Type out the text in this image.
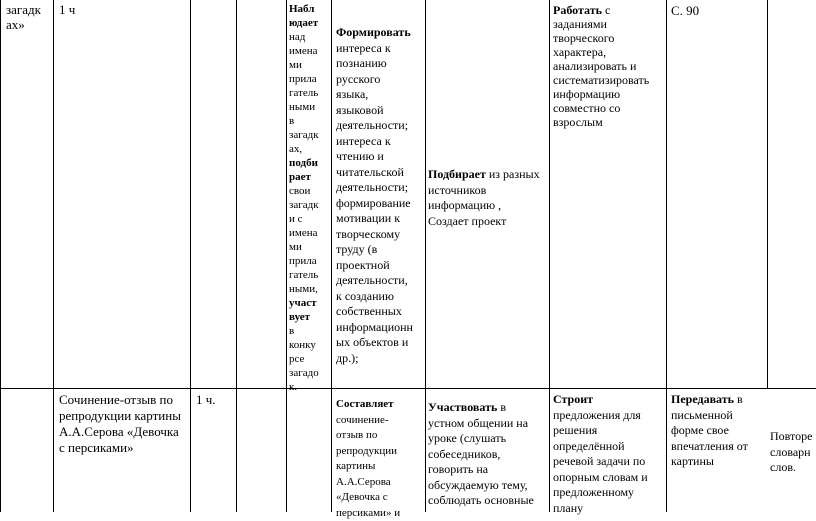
загадк
ах»
1 ч	Набл
юдает
над
имена
ми
прила
гатель
ными
в
загадк
ах,
подби
рает
свои
загадк
и с
имена
ми
прила
гатель
ными,
участ
вует
в
конку
рсе
загадо
к.
Формировать
интереса к
познанию
русского
языка,
языковой
деятельности;
интереса к
чтению и
читательской
деятельности;
формирование
мотивации к
творческому
труду (в
проектной
деятельности,
к созданию
собственных
информационн
ых объектов и
др.);
Подбирает из разных
источников
информацию ,
Создает проект
Работать с
заданиями
творческого
характера,
анализировать и
систематизировать
информацию
совместно со
взрослым
С. 90
Сочинение-отзыв по
репродукции картины
А.А.Серова «Девочка
с персиками»
1 ч.	Составляет
сочинение-
отзыв по
репродукции
картины
А.А.Серова
«Девочка с
персиками» и
Участвовать в
устном общении на
уроке (слушать
собеседников,
говорить на
обсуждаемую тему,
соблюдать основные
Строит
предложения для
решения
определённой
речевой задачи по
опорным словам и
предложенному
плану
Передавать в
письменной
форме свое
впечатления от
картины
Повторе
словарн
слов.
